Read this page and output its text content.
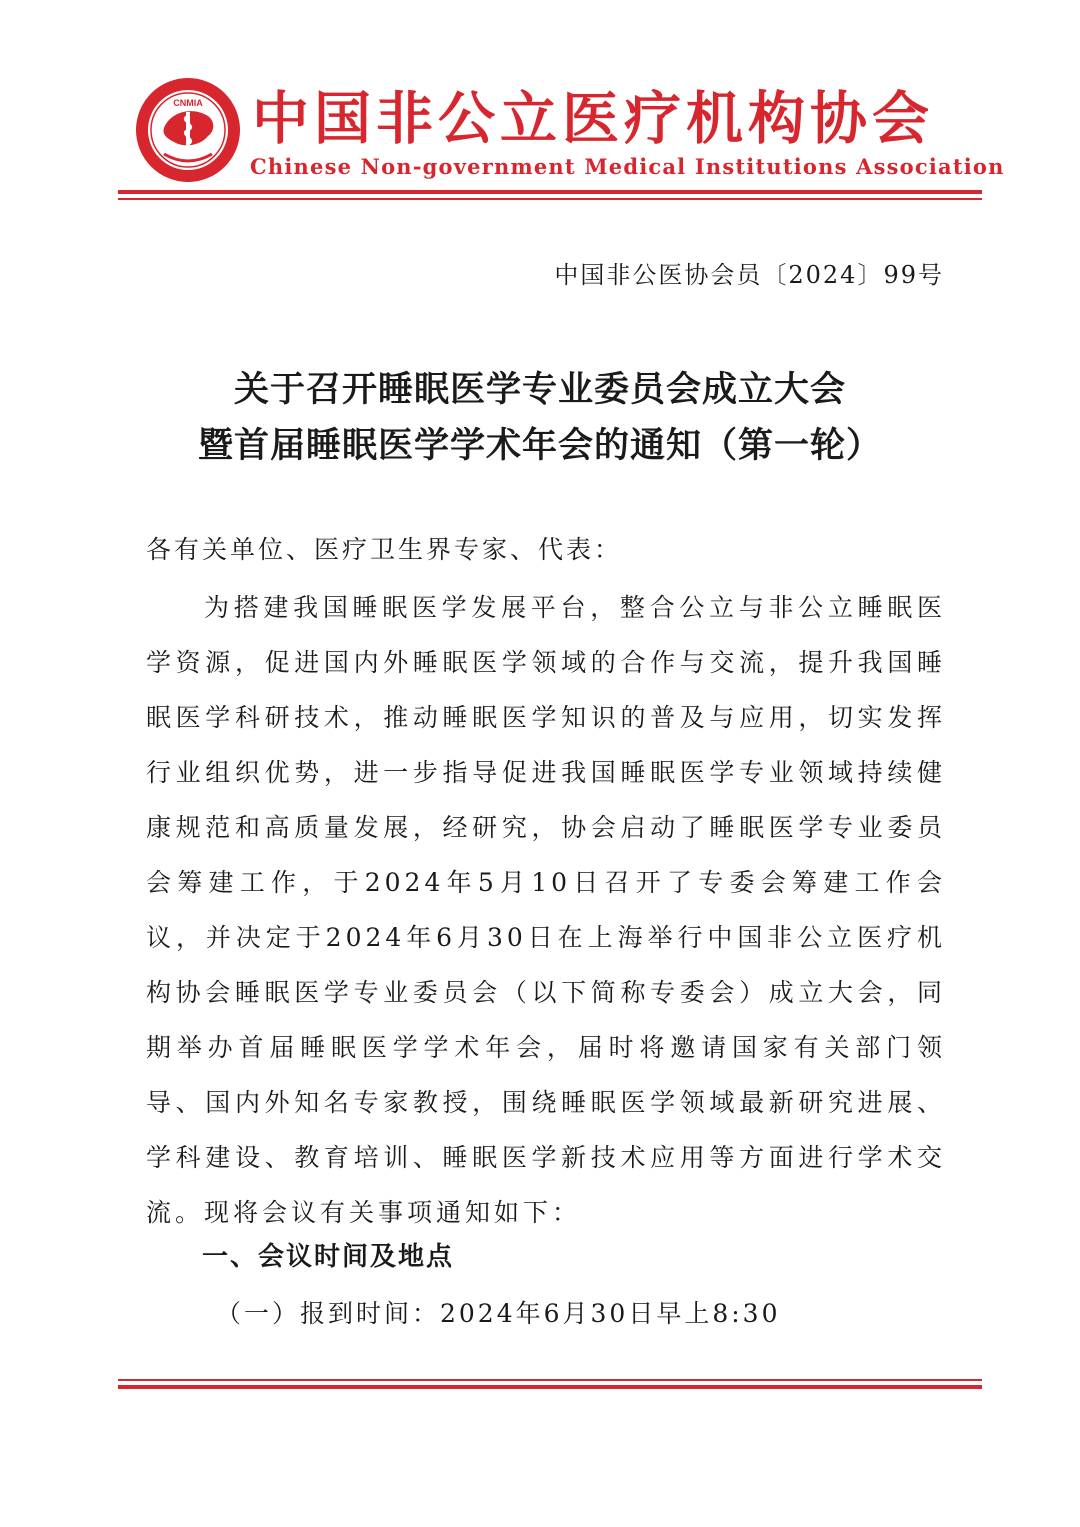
CNMIA 中国非公立医疗机构协会
Chinese Non-government Medical Institutions Association
中国非公医协会员〔2024〕99号
关于召开睡眠医学专业委员会成立大会
暨首届睡眠医学学术年会的通知（第一轮）
各有关单位、医疗卫生界专家、代表：

为搭建我国睡眠医学发展平台，整合公立与非公立睡眠医学资源，促进国内外睡眠医学领域的合作与交流，提升我国睡眠医学科研技术，推动睡眠医学知识的普及与应用，切实发挥行业组织优势，进一步指导促进我国睡眠医学专业领域持续健康规范和高质量发展，经研究，协会启动了睡眠医学专业委员会筹建工作，于2024年5月10日召开了专委会筹建工作会议，并决定于2024年6月30日在上海举行中国非公立医疗机构协会睡眠医学专业委员会（以下简称专委会）成立大会，同期举办首届睡眠医学学术年会，届时将邀请国家有关部门领导、国内外知名专家教授，围绕睡眠医学领域最新研究进展、学科建设、教育培训、睡眠医学新技术应用等方面进行学术交流。现将会议有关事项通知如下：

一、会议时间及地点
（一）报到时间：2024年6月30日早上8:30
